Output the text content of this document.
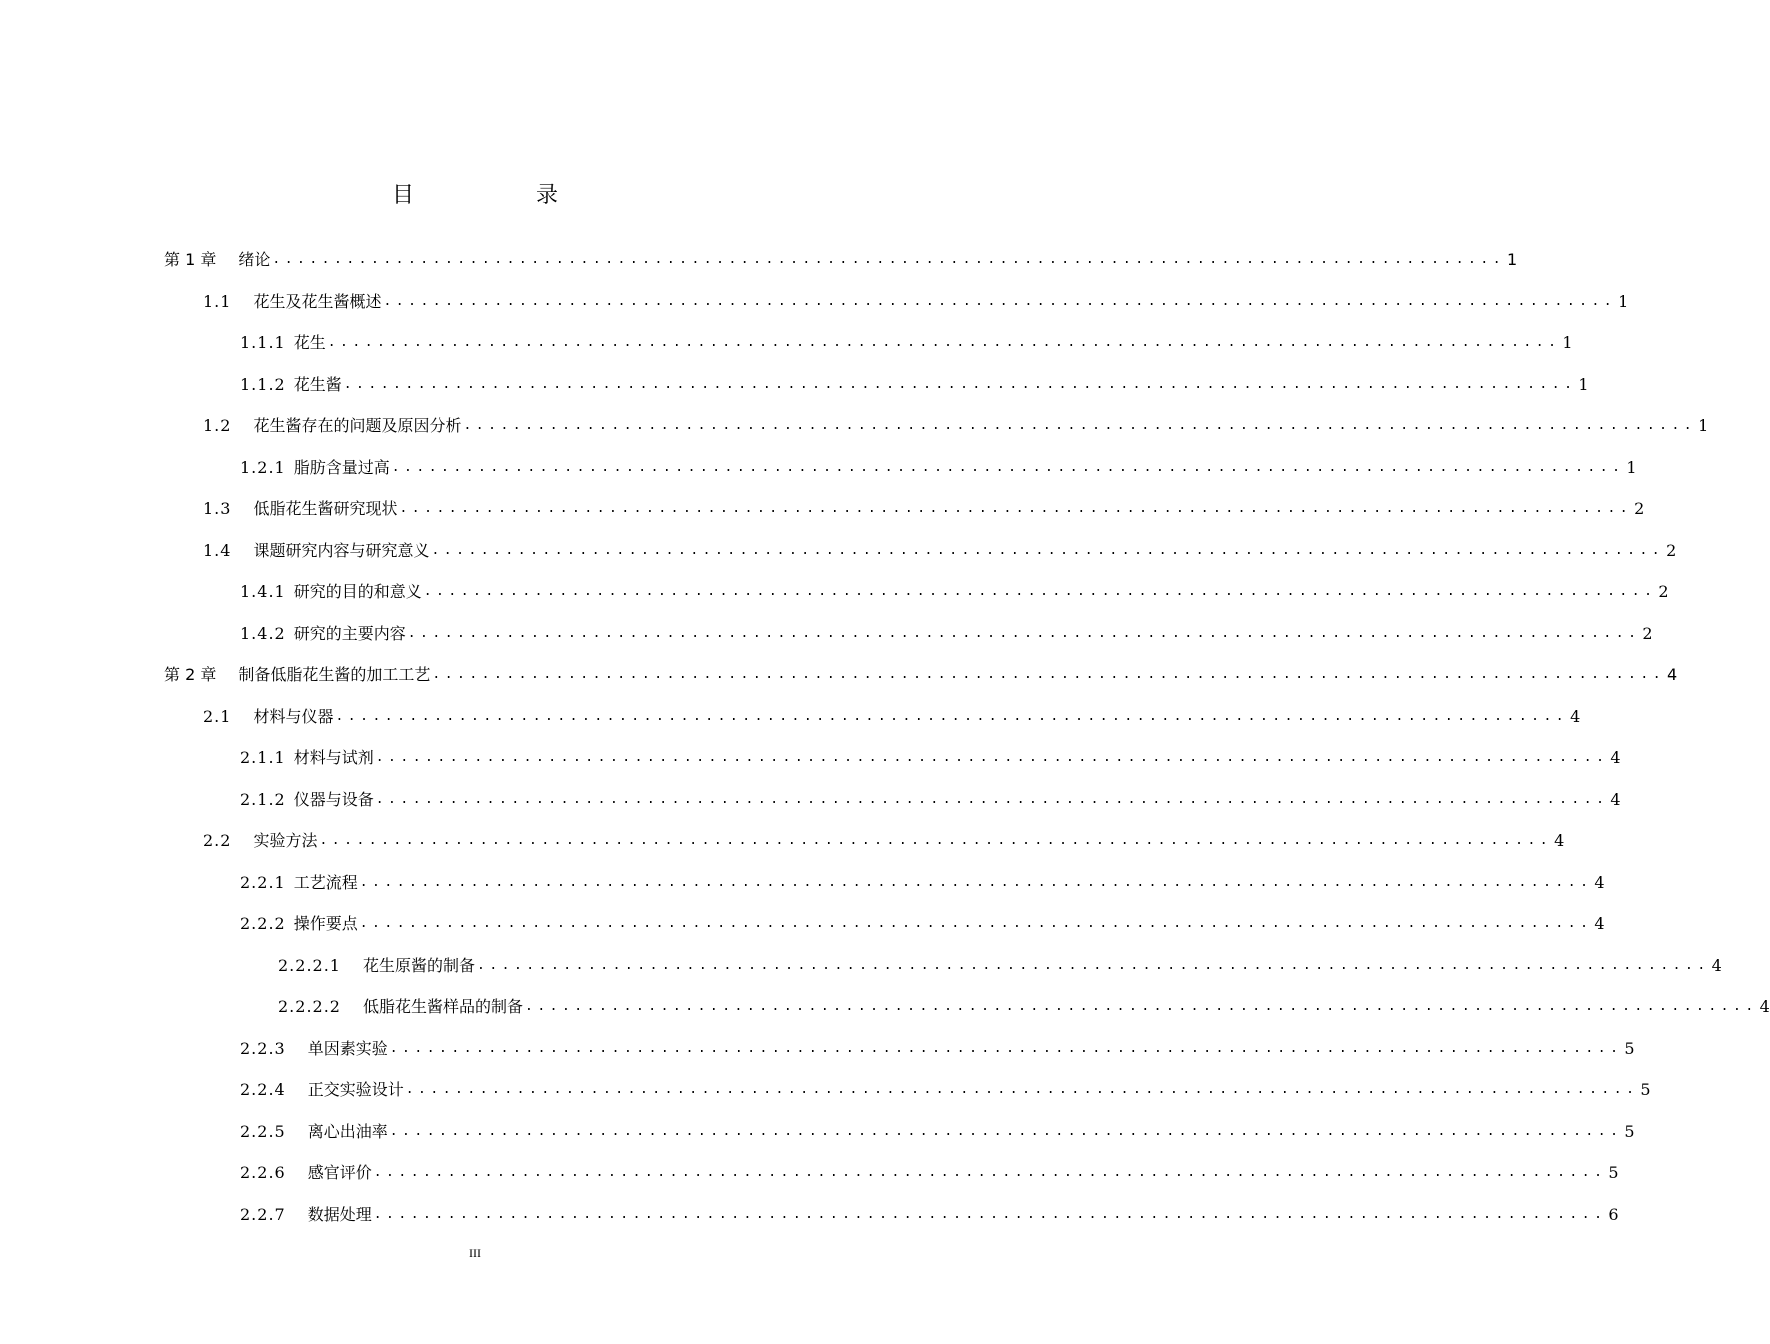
目　录
第 1 章 绪论 .................................................................................................... 1
1.1 花生及花生酱概述 .................................................................................................... 1
1.1.1 花生 .................................................................................................... 1
1.1.2 花生酱 .................................................................................................... 1
1.2 花生酱存在的问题及原因分析 .................................................................................................... 1
1.2.1 脂肪含量过高 .................................................................................................... 1
1.3 低脂花生酱研究现状 .................................................................................................... 2
1.4 课题研究内容与研究意义 .................................................................................................... 2
1.4.1 研究的目的和意义 .................................................................................................... 2
1.4.2 研究的主要内容 .................................................................................................... 2
第 2 章 制备低脂花生酱的加工工艺 .................................................................................................... 4
2.1 材料与仪器 .................................................................................................... 4
2.1.1 材料与试剂 .................................................................................................... 4
2.1.2 仪器与设备 .................................................................................................... 4
2.2 实验方法 .................................................................................................... 4
2.2.1 工艺流程 .................................................................................................... 4
2.2.2 操作要点 .................................................................................................... 4
2.2.2.1 花生原酱的制备 .................................................................................................... 4
2.2.2.2 低脂花生酱样品的制备 .................................................................................................... 4
2.2.3 单因素实验 .................................................................................................... 5
2.2.4 正交实验设计 .................................................................................................... 5
2.2.5 离心出油率 .................................................................................................... 5
2.2.6 感官评价 .................................................................................................... 5
2.2.7 数据处理 .................................................................................................... 6
III
